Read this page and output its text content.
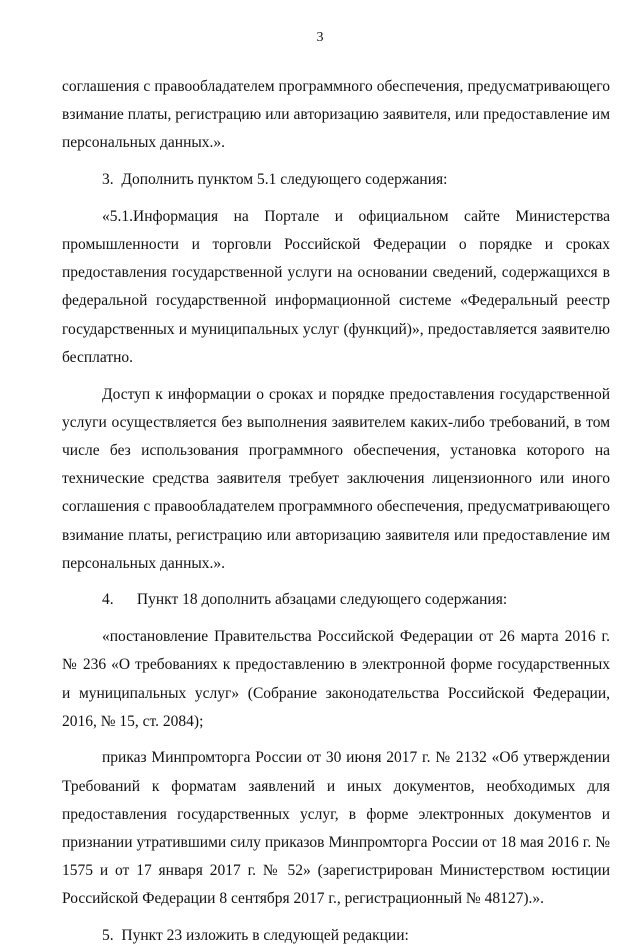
3

соглашения с правообладателем программного обеспечения, предусматривающего взимание платы, регистрацию или авторизацию заявителя, или предоставление им персональных данных.».

3.  Дополнить пунктом 5.1 следующего содержания:

«5.1.Информация на Портале и официальном сайте Министерства промышленности и торговли Российской Федерации о порядке и сроках предоставления государственной услуги на основании сведений, содержащихся в федеральной государственной информационной системе «Федеральный реестр государственных и муниципальных услуг (функций)», предоставляется заявителю бесплатно.

Доступ к информации о сроках и порядке предоставления государственной услуги осуществляется без выполнения заявителем каких-либо требований, в том числе без использования программного обеспечения, установка которого на технические средства заявителя требует заключения лицензионного или иного соглашения с правообладателем программного обеспечения, предусматривающего взимание платы, регистрацию или авторизацию заявителя или предоставление им персональных данных.».

4.      Пункт 18 дополнить абзацами следующего содержания:

«постановление Правительства Российской Федерации от 26 марта 2016 г. № 236 «О требованиях к предоставлению в электронной форме государственных и муниципальных услуг» (Собрание законодательства Российской Федерации, 2016, № 15, ст. 2084);

приказ Минпромторга России от 30 июня 2017 г. № 2132 «Об утверждении Требований к форматам заявлений и иных документов, необходимых для предоставления государственных услуг, в форме электронных документов и признании утратившими силу приказов Минпромторга России от 18 мая 2016 г. № 1575 и от 17 января 2017 г. № 52» (зарегистрирован Министерством юстиции Российской Федерации 8 сентября 2017 г., регистрационный № 48127).».

5.  Пункт 23 изложить в следующей редакции:
